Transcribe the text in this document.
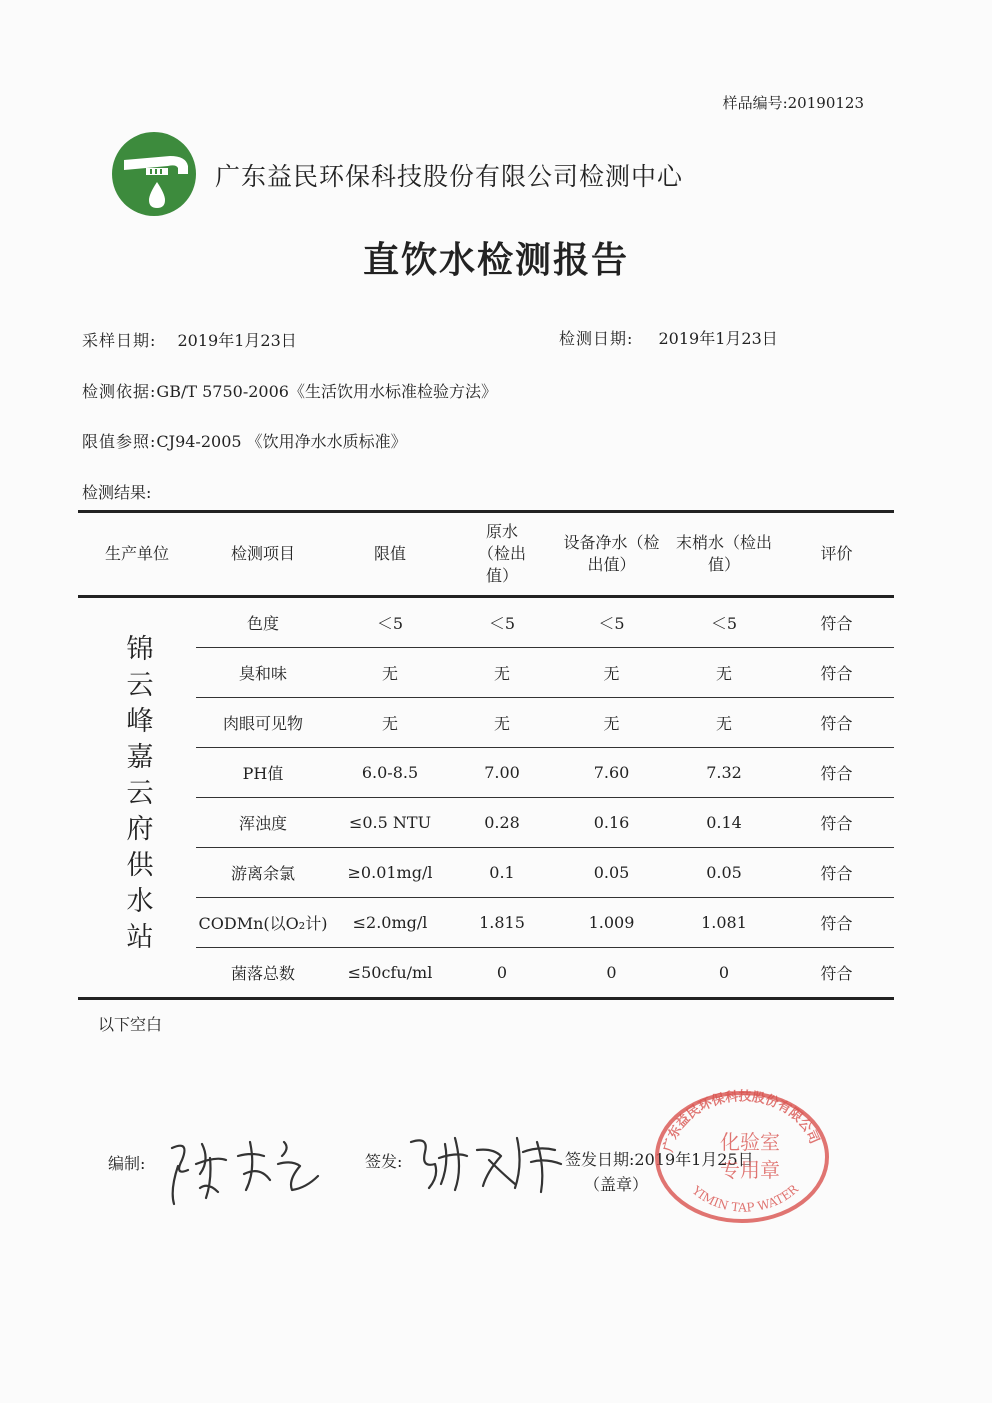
样品编号:20190123
广东益民环保科技股份有限公司检测中心
直饮水检测报告
采样日期: 2019年1月23日	检测日期: 2019年1月23日
检测依据:GB/T 5750-2006《生活饮用水标准检验方法》
限值参照:CJ94-2005 《饮用净水水质标准》
检测结果:
生产单位	检测项目	限值	原水（检出值）	设备净水（检出值）	末梢水（检出值）	评价
锦云峰嘉云府供水站	色度	＜5	＜5	＜5	＜5	符合
	臭和味	无	无	无	无	符合
	肉眼可见物	无	无	无	无	符合
	PH值	6.0-8.5	7.00	7.60	7.32	符合
	浑浊度	≤0.5 NTU	0.28	0.16	0.14	符合
	游离余氯	≥0.01mg/l	0.1	0.05	0.05	符合
	CODMn(以O₂计)	≤2.0mg/l	1.815	1.009	1.081	符合
	菌落总数	≤50cfu/ml	0	0	0	符合
以下空白
编制:	签发:	签发日期:2019年1月25日
（盖章）
广东益民环保科技股份有限公司
化验室
专用章
YIMIN TAP WATER
